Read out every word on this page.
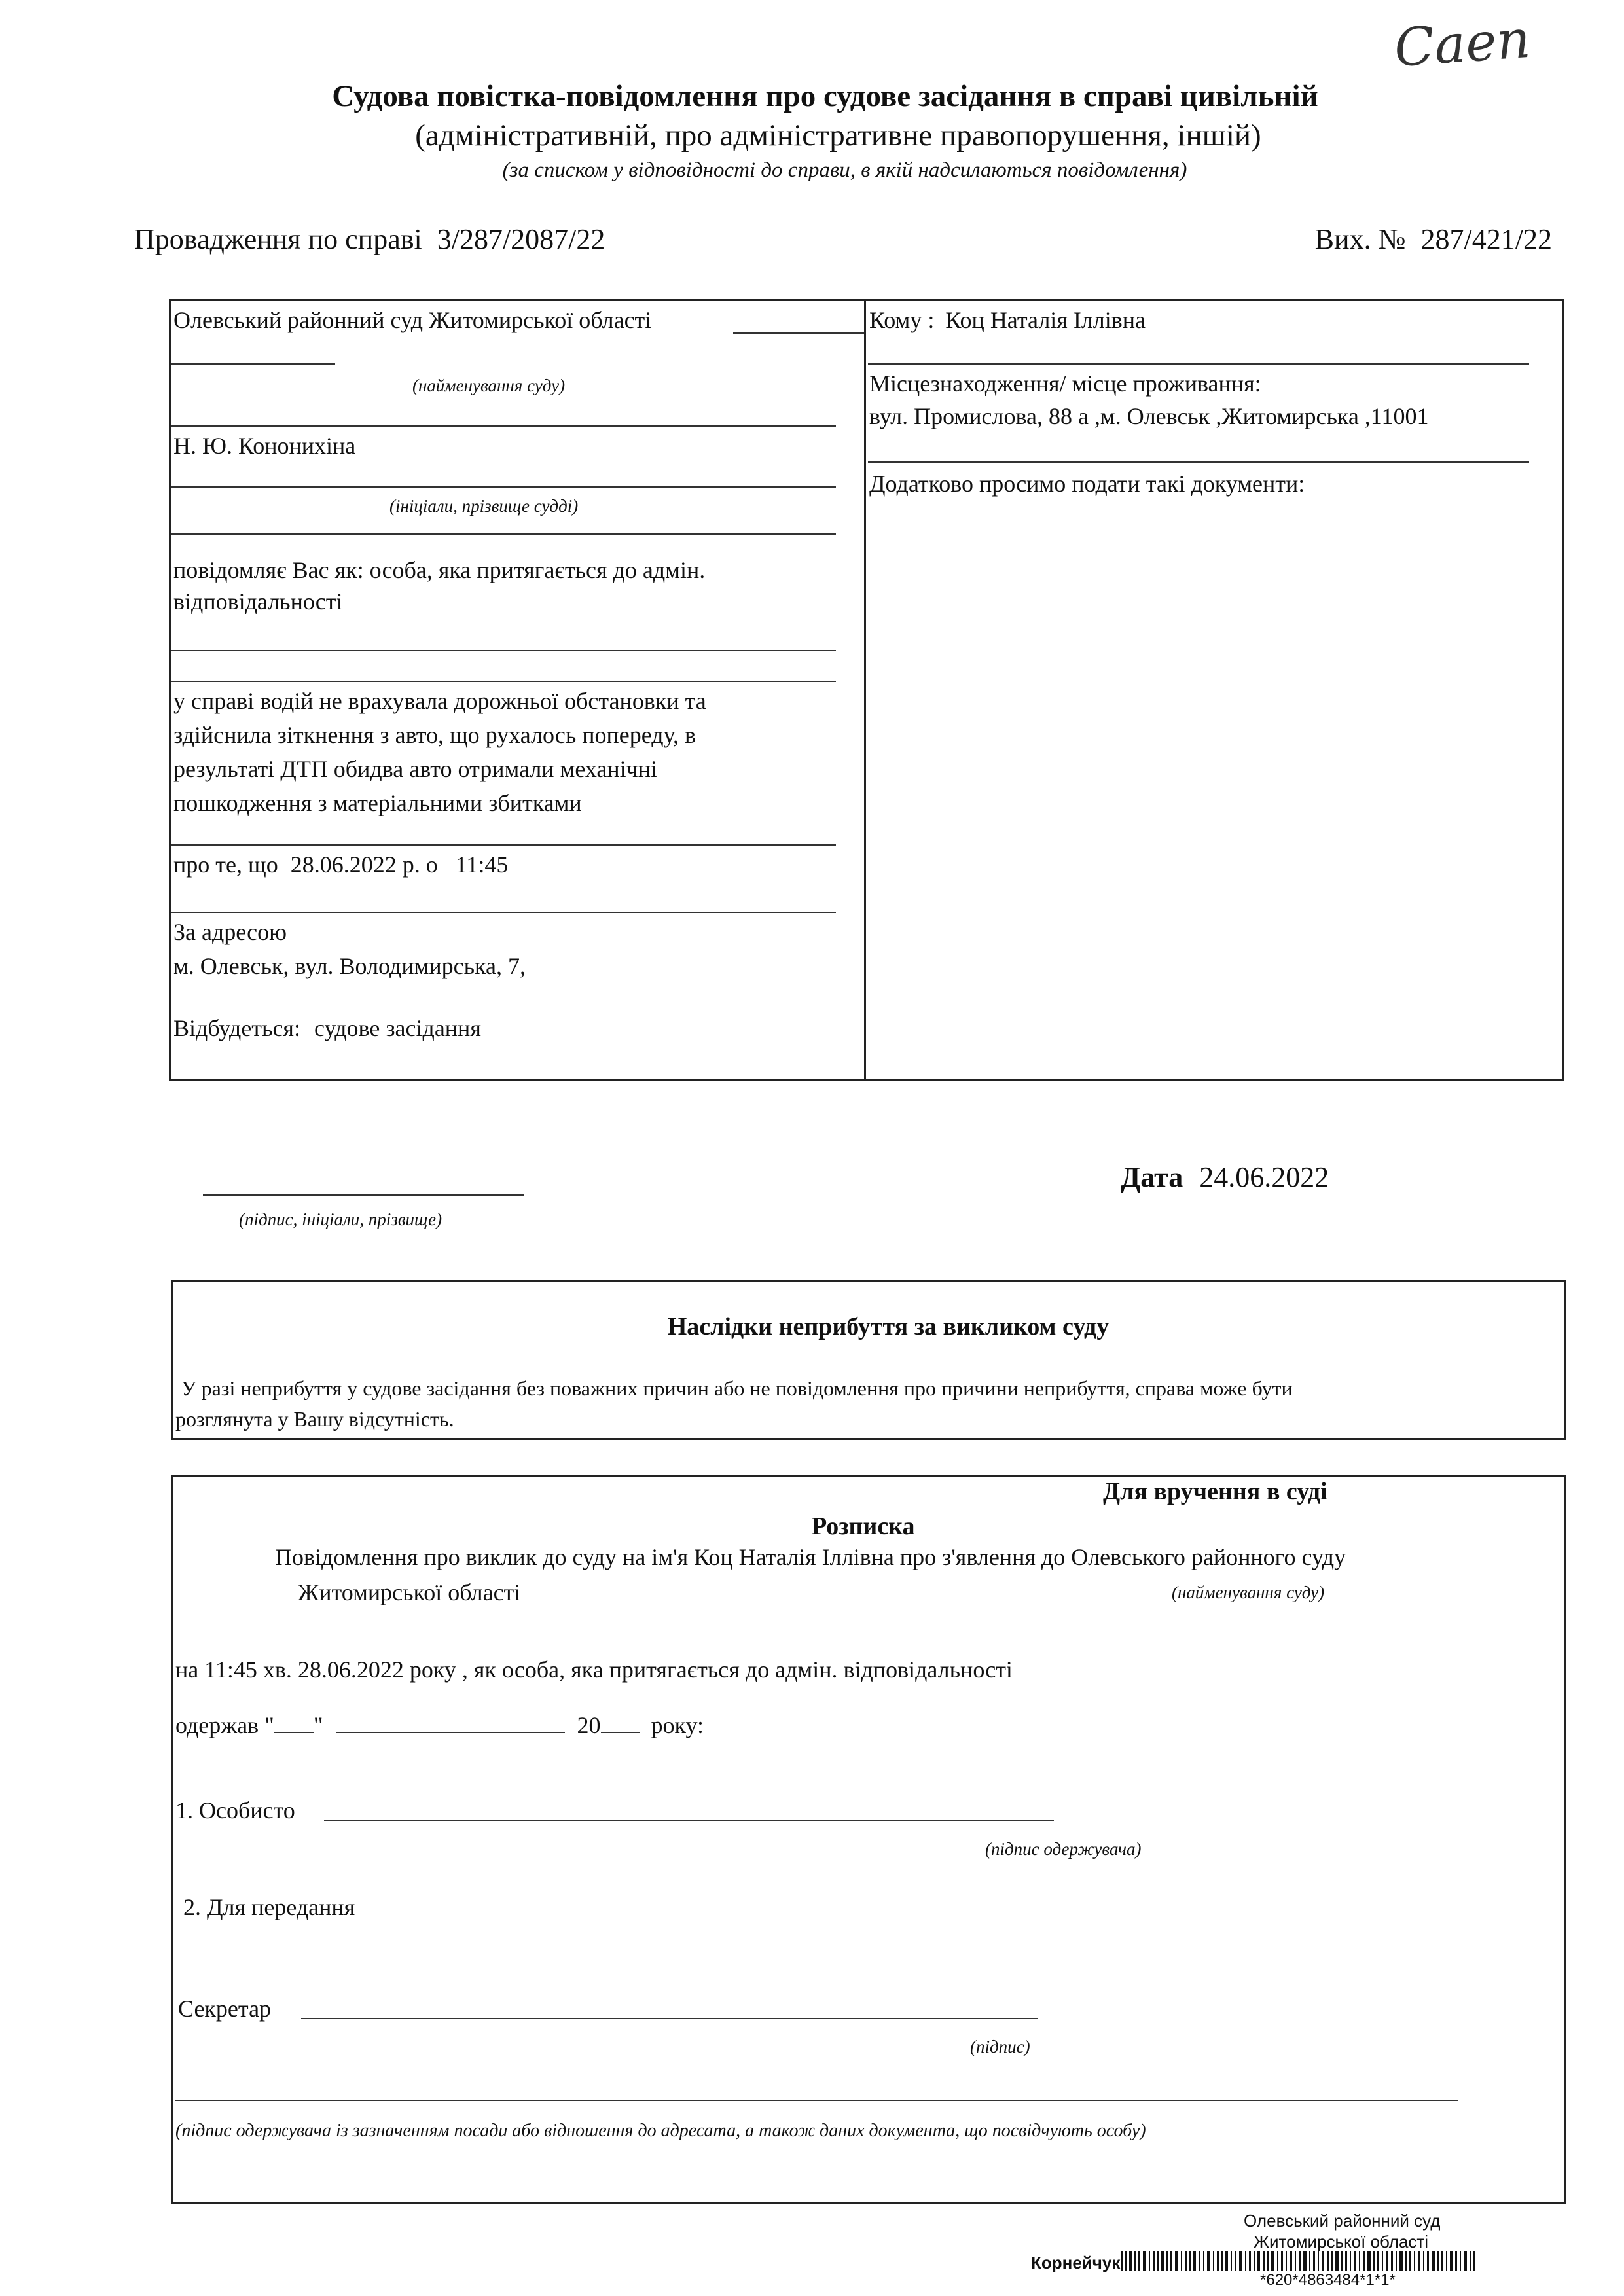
Саеп
Судова повістка-повідомлення про судове засідання в справі цивільній
(адміністративній, про адміністративне правопорушення, іншій)
(за списком у відповідності до справи, в якій надсилаються повідомлення)
Провадження по справі 3/287/2087/22	Вих. № 287/421/22
Олевський районний суд Житомирської області
(найменування суду)
Н. Ю. Кононихіна
(ініціали, прізвище судді)
повідомляє Вас як: особа, яка притягається до адмін.
відповідальності
у справі водій не врахувала дорожньої обстановки та
здійснила зіткнення з авто, що рухалось попереду, в
результаті ДТП обидва авто отримали механічні
пошкодження з матеріальними збитками
про те, що 28.06.2022 р. о 11:45
За адресою
м. Олевськ, вул. Володимирська, 7,
Відбудеться: судове засідання
Кому : Коц Наталія Іллівна
Місцезнаходження/ місце проживання:
вул. Промислова, 88 а ,м. Олевськ ,Житомирська ,11001
Додатково просимо подати такі документи:
(підпис, ініціали, прізвище)
Дата 24.06.2022
Наслідки неприбуття за викликом суду
У разі неприбуття у судове засідання без поважних причин або не повідомлення про причини неприбуття, справа може бути
розглянута у Вашу відсутність.
Для вручення в суді
Розписка
Повідомлення про виклик до суду на ім'я Коц Наталія Іллівна про з'явлення до Олевського районного суду
Житомирської області	(найменування суду)
на 11:45 хв. 28.06.2022 року , як особа, яка притягається до адмін. відповідальності
одержав " "	20 року:
1. Особисто
(підпис одержувача)
2. Для передання
Секретар
(підпис)
(підпис одержувача із зазначенням посади або відношення до адресата, а також даних документа, що посвідчують особу)
Олевський районний суд
Житомирської області
Корнейчук
*620*4863484*1*1*
